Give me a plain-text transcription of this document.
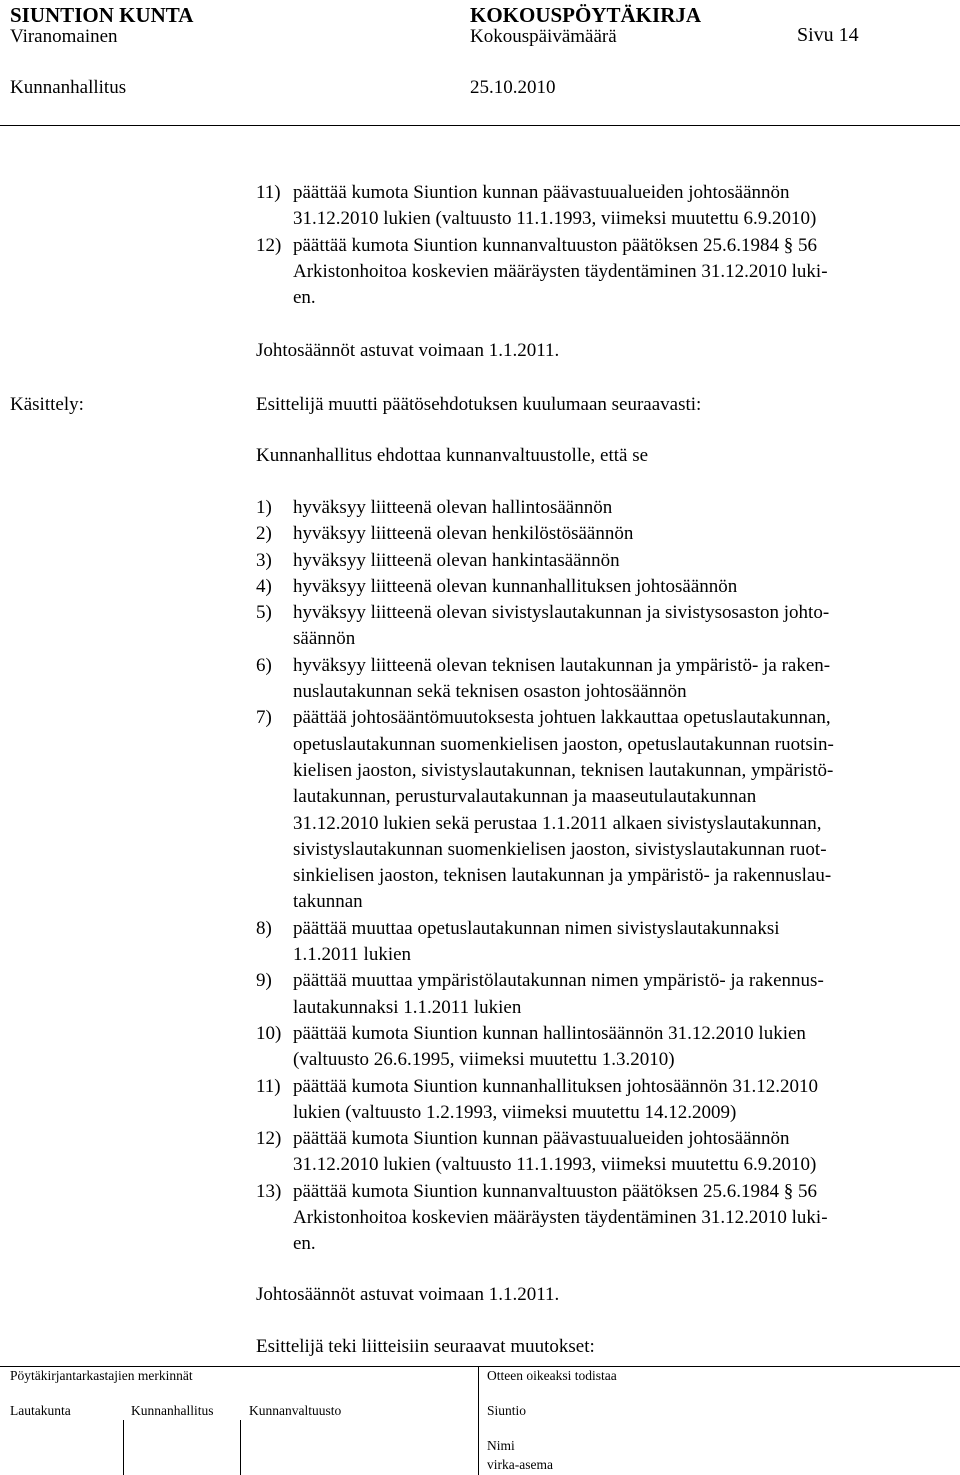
SIUNTION KUNTA	KOKOUSPÖYTÄKIRJA
Viranomainen	Kokouspäivämäärä	Sivu 14
Kunnanhallitus	25.10.2010
11) päättää kumota Siuntion kunnan päävastuualueiden johtosäännön
31.12.2010 lukien (valtuusto 11.1.1993, viimeksi muutettu 6.9.2010)
12) päättää kumota Siuntion kunnanvaltuuston päätöksen 25.6.1984 § 56
Arkistonhoitoa koskevien määräysten täydentäminen 31.12.2010 luki-
en.
Johtosäännöt astuvat voimaan 1.1.2011.
Käsittely:	Esittelijä muutti päätösehdotuksen kuulumaan seuraavasti:
Kunnanhallitus ehdottaa kunnanvaltuustolle, että se
1) hyväksyy liitteenä olevan hallintosäännön
2) hyväksyy liitteenä olevan henkilöstösäännön
3) hyväksyy liitteenä olevan hankintasäännön
4) hyväksyy liitteenä olevan kunnanhallituksen johtosäännön
5) hyväksyy liitteenä olevan sivistyslautakunnan ja sivistysosaston johto-
säännön
6) hyväksyy liitteenä olevan teknisen lautakunnan ja ympäristö- ja raken-
nuslautakunnan sekä teknisen osaston johtosäännön
7) päättää johtosääntömuutoksesta johtuen lakkauttaa opetuslautakunnan,
opetuslautakunnan suomenkielisen jaoston, opetuslautakunnan ruotsin-
kielisen jaoston, sivistyslautakunnan, teknisen lautakunnan, ympäristö-
lautakunnan, perusturvalautakunnan ja maaseutulautakunnan
31.12.2010 lukien sekä perustaa 1.1.2011 alkaen sivistyslautakunnan,
sivistyslautakunnan suomenkielisen jaoston, sivistyslautakunnan ruot-
sinkielisen jaoston, teknisen lautakunnan ja ympäristö- ja rakennuslau-
takunnan
8) päättää muuttaa opetuslautakunnan nimen sivistyslautakunnaksi
1.1.2011 lukien
9) päättää muuttaa ympäristölautakunnan nimen ympäristö- ja rakennus-
lautakunnaksi 1.1.2011 lukien
10) päättää kumota Siuntion kunnan hallintosäännön 31.12.2010 lukien
(valtuusto 26.6.1995, viimeksi muutettu 1.3.2010)
11) päättää kumota Siuntion kunnanhallituksen johtosäännön 31.12.2010
lukien (valtuusto 1.2.1993, viimeksi muutettu 14.12.2009)
12) päättää kumota Siuntion kunnan päävastuualueiden johtosäännön
31.12.2010 lukien (valtuusto 11.1.1993, viimeksi muutettu 6.9.2010)
13) päättää kumota Siuntion kunnanvaltuuston päätöksen 25.6.1984 § 56
Arkistonhoitoa koskevien määräysten täydentäminen 31.12.2010 luki-
en.
Johtosäännöt astuvat voimaan 1.1.2011.
Esittelijä teki liitteisiin seuraavat muutokset:
Pöytäkirjantarkastajien merkinnät	Otteen oikeaksi todistaa
Lautakunta	Kunnanhallitus	Kunnanvaltuusto	Siuntio
Nimi
virka-asema
